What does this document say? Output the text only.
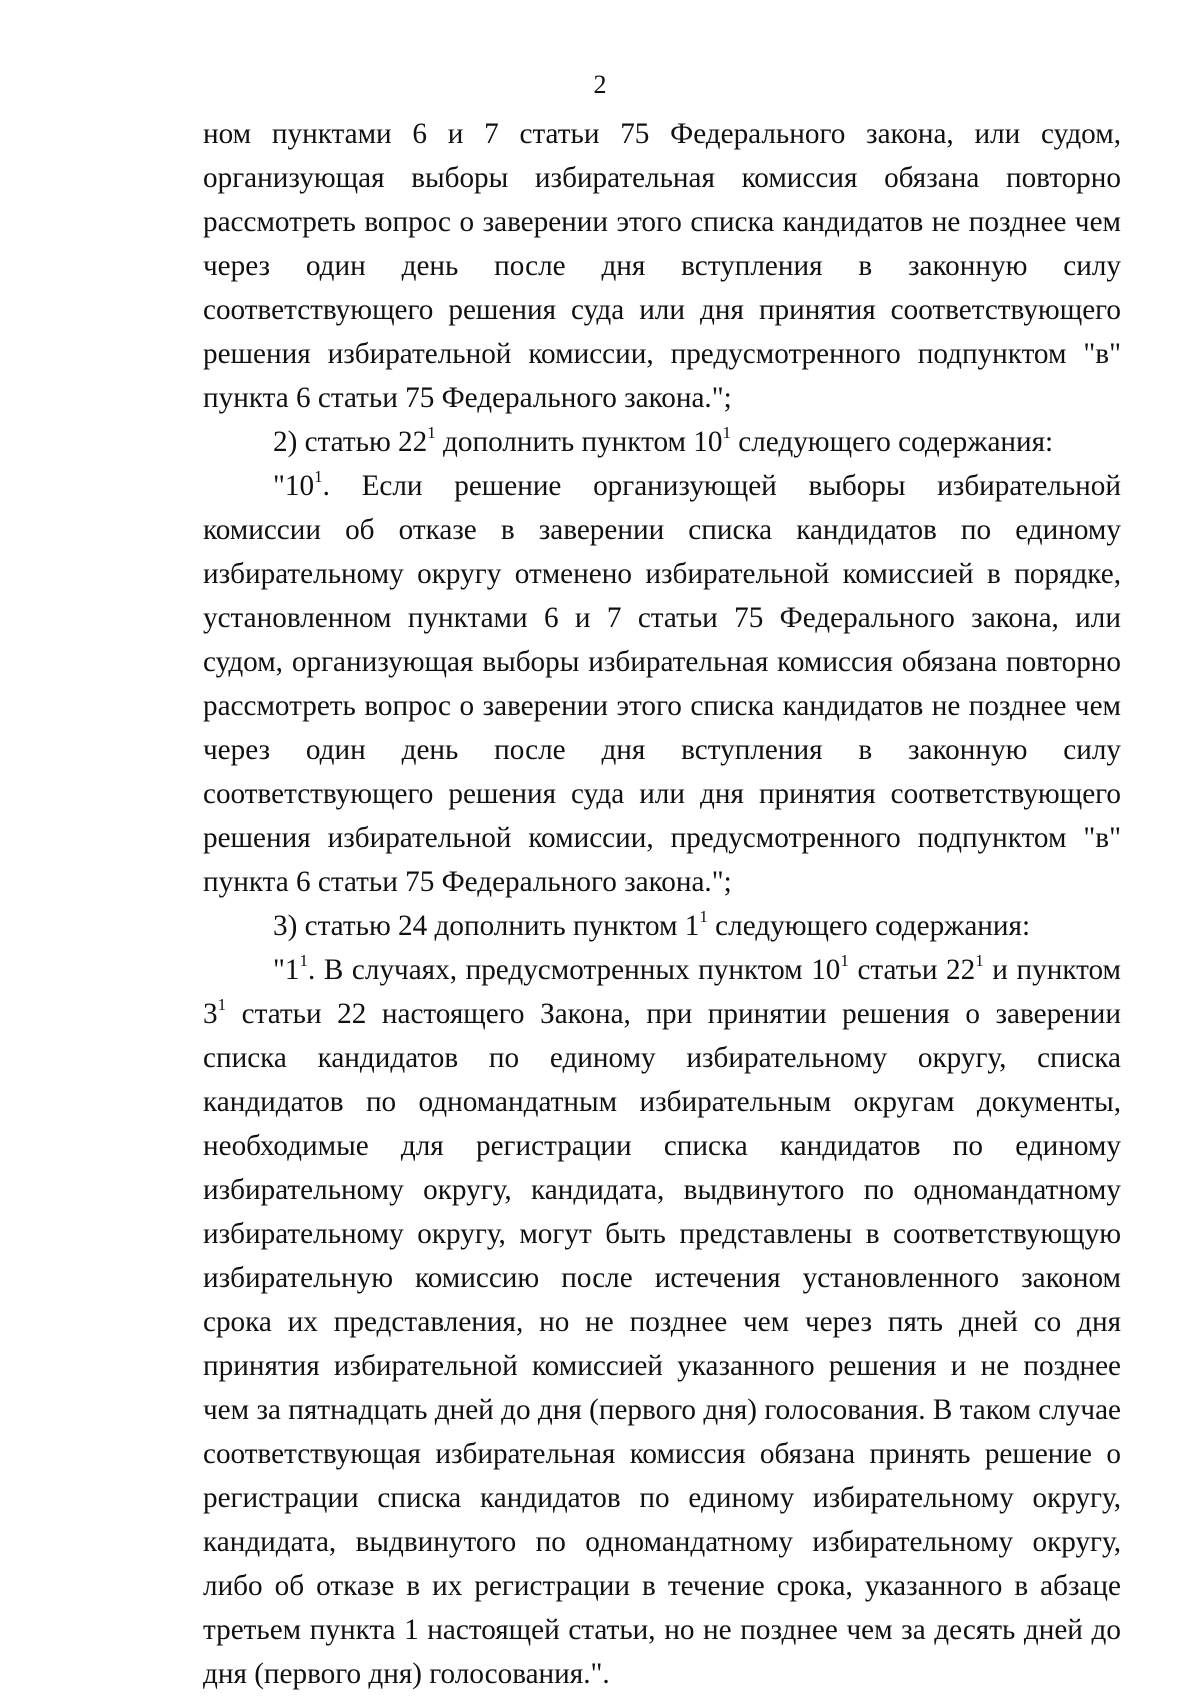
2

ном пунктами 6 и 7 статьи 75 Федерального закона, или судом, организующая выборы избирательная комиссия обязана повторно рассмотреть вопрос о заверении этого списка кандидатов не позднее чем через один день после дня вступления в законную силу соответствующего решения суда или дня принятия соответствующего решения избирательной комиссии, предусмотренного подпунктом "в" пункта 6 статьи 75 Федерального закона.";

2) статью $22^1$ дополнить пунктом $10^1$ следующего содержания:

"$10^1$. Если решение организующей выборы избирательной комиссии об отказе в заверении списка кандидатов по единому избирательному округу отменено избирательной комиссией в порядке, установленном пунктами 6 и 7 статьи 75 Федерального закона, или судом, организующая выборы избирательная комиссия обязана повторно рассмотреть вопрос о заверении этого списка кандидатов не позднее чем через один день после дня вступления в законную силу соответствующего решения суда или дня принятия соответствующего решения избирательной комиссии, предусмотренного подпунктом "в" пункта 6 статьи 75 Федерального закона.";

3) статью 24 дополнить пунктом $1^1$ следующего содержания:

"$1^1$. В случаях, предусмотренных пунктом $10^1$ статьи $22^1$ и пунктом $3^1$ статьи 22 настоящего Закона, при принятии решения о заверении списка кандидатов по единому избирательному округу, списка кандидатов по одномандатным избирательным округам документы, необходимые для регистрации списка кандидатов по единому избирательному округу, кандидата, выдвинутого по одномандатному избирательному округу, могут быть представлены в соответствующую избирательную комиссию после истечения установленного законом срока их представления, но не позднее чем через пять дней со дня принятия избирательной комиссией указанного решения и не позднее чем за пятнадцать дней до дня (первого дня) голосования. В таком случае соответствующая избирательная комиссия обязана принять решение о регистрации списка кандидатов по единому избирательному округу, кандидата, выдвинутого по одномандатному избирательному округу, либо об отказе в их регистрации в течение срока, указанного в абзаце третьем пункта 1 настоящей статьи, но не позднее чем за десять дней до дня (первого дня) голосования.".
